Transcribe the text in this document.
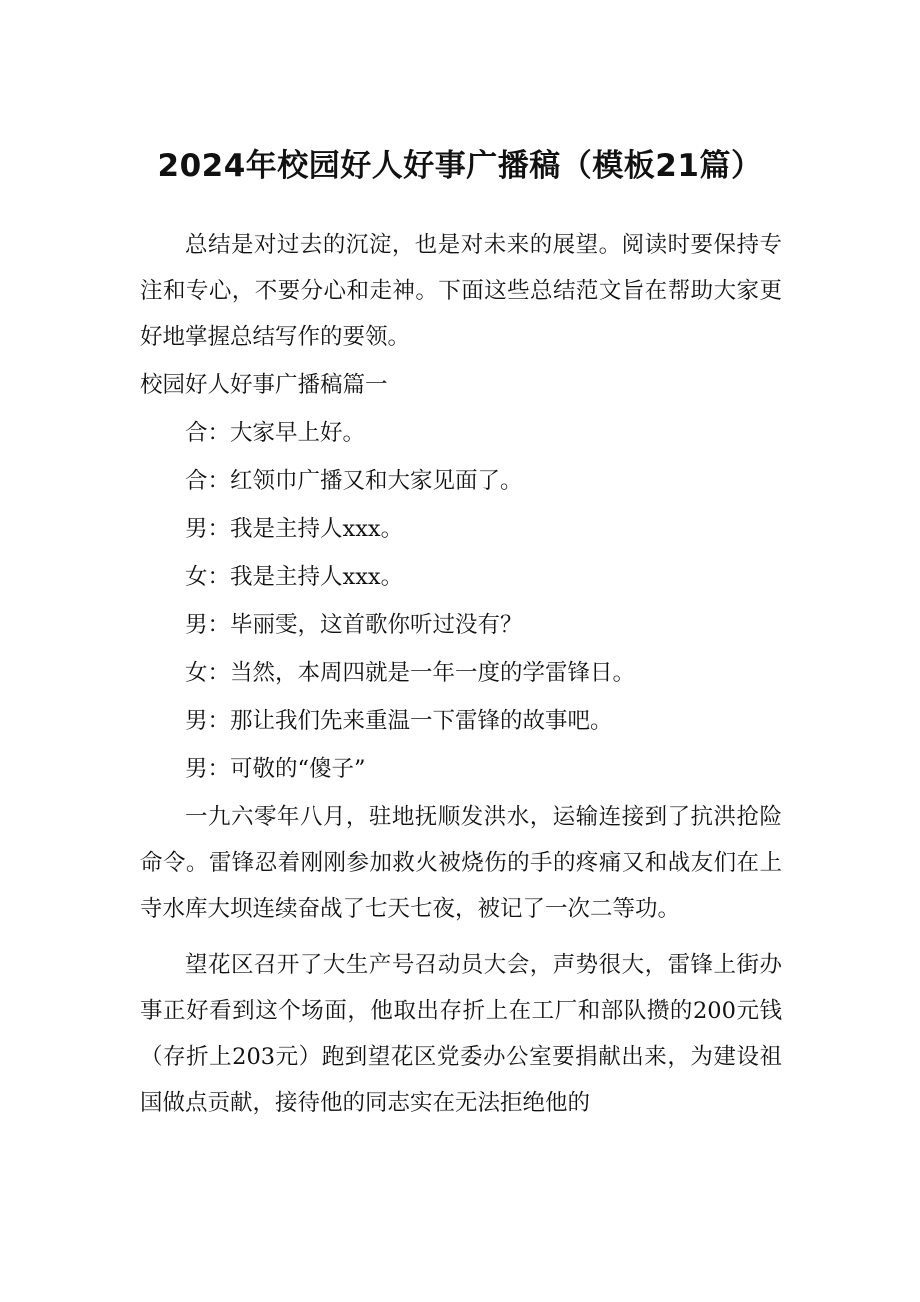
2024年校园好人好事广播稿（模板21篇）

总结是对过去的沉淀，也是对未来的展望。阅读时要保持专注和专心，不要分心和走神。下面这些总结范文旨在帮助大家更好地掌握总结写作的要领。

校园好人好事广播稿篇一

合：大家早上好。

合：红领巾广播又和大家见面了。

男：我是主持人xxx。

女：我是主持人xxx。

男：毕丽雯，这首歌你听过没有？

女：当然，本周四就是一年一度的学雷锋日。

男：那让我们先来重温一下雷锋的故事吧。

男：可敬的“傻子”

一九六零年八月，驻地抚顺发洪水，运输连接到了抗洪抢险命令。雷锋忍着刚刚参加救火被烧伤的手的疼痛又和战友们在上寺水库大坝连续奋战了七天七夜，被记了一次二等功。

望花区召开了大生产号召动员大会，声势很大，雷锋上街办事正好看到这个场面，他取出存折上在工厂和部队攒的200元钱（存折上203元）跑到望花区党委办公室要捐献出来，为建设祖国做点贡献，接待他的同志实在无法拒绝他的
